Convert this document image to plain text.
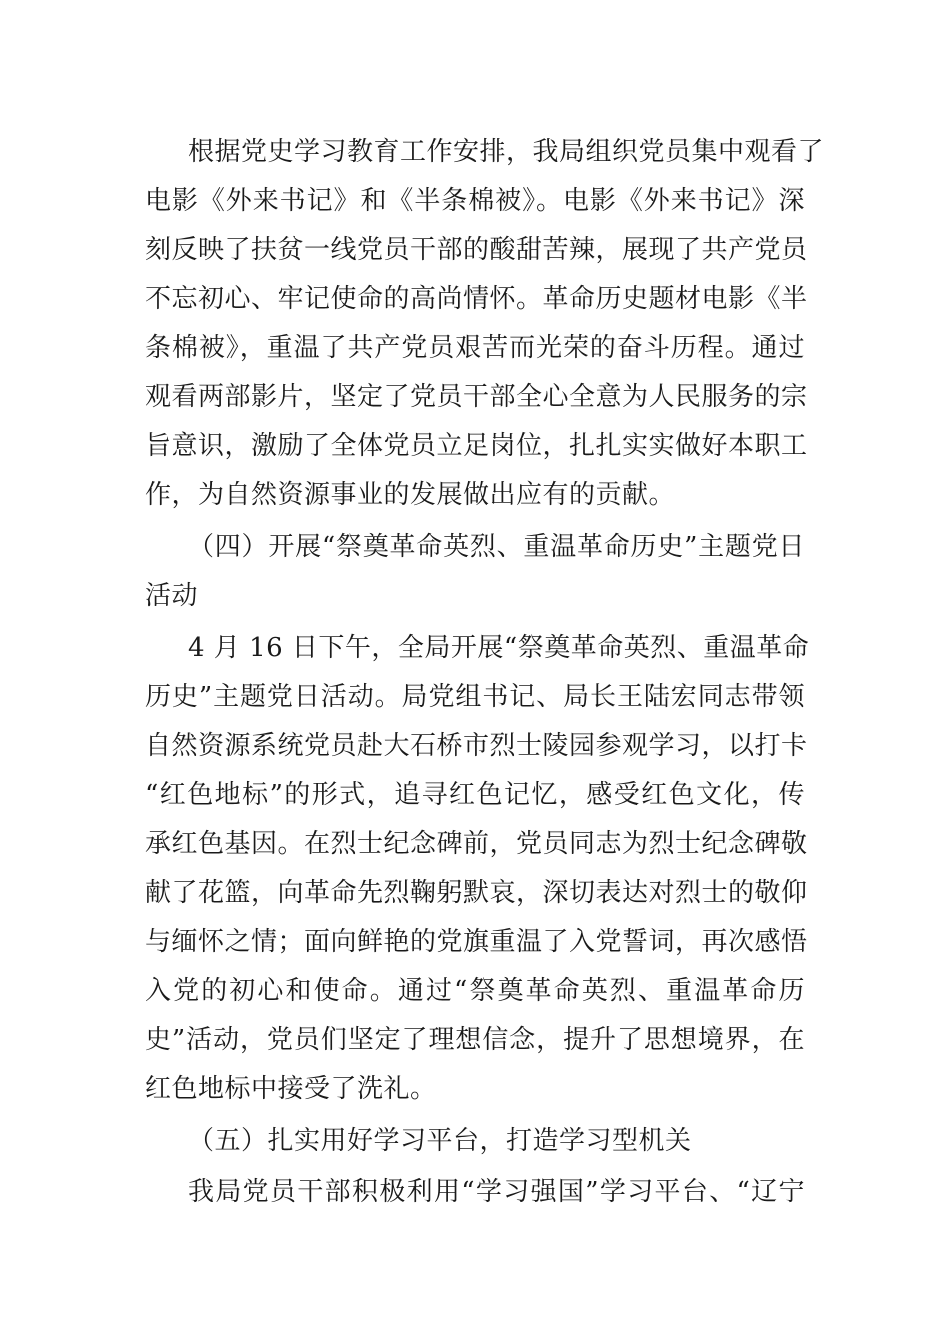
根据党史学习教育工作安排，我局组织党员集中观看了
电影《外来书记》和《半条棉被》。电影《外来书记》深
刻反映了扶贫一线党员干部的酸甜苦辣，展现了共产党员
不忘初心、牢记使命的高尚情怀。革命历史题材电影《半
条棉被》，重温了共产党员艰苦而光荣的奋斗历程。通过
观看两部影片，坚定了党员干部全心全意为人民服务的宗
旨意识，激励了全体党员立足岗位，扎扎实实做好本职工
作，为自然资源事业的发展做出应有的贡献。
（四）开展“祭奠革命英烈、重温革命历史”主题党日
活动
4 月 16 日下午，全局开展“祭奠革命英烈、重温革命
历史”主题党日活动。局党组书记、局长王陆宏同志带领
自然资源系统党员赴大石桥市烈士陵园参观学习，以打卡
“红色地标”的形式，追寻红色记忆，感受红色文化，传
承红色基因。在烈士纪念碑前，党员同志为烈士纪念碑敬
献了花篮，向革命先烈鞠躬默哀，深切表达对烈士的敬仰
与缅怀之情；面向鲜艳的党旗重温了入党誓词，再次感悟
入党的初心和使命。通过“祭奠革命英烈、重温革命历
史”活动，党员们坚定了理想信念，提升了思想境界，在
红色地标中接受了洗礼。
（五）扎实用好学习平台，打造学习型机关
我局党员干部积极利用“学习强国”学习平台、“辽宁
